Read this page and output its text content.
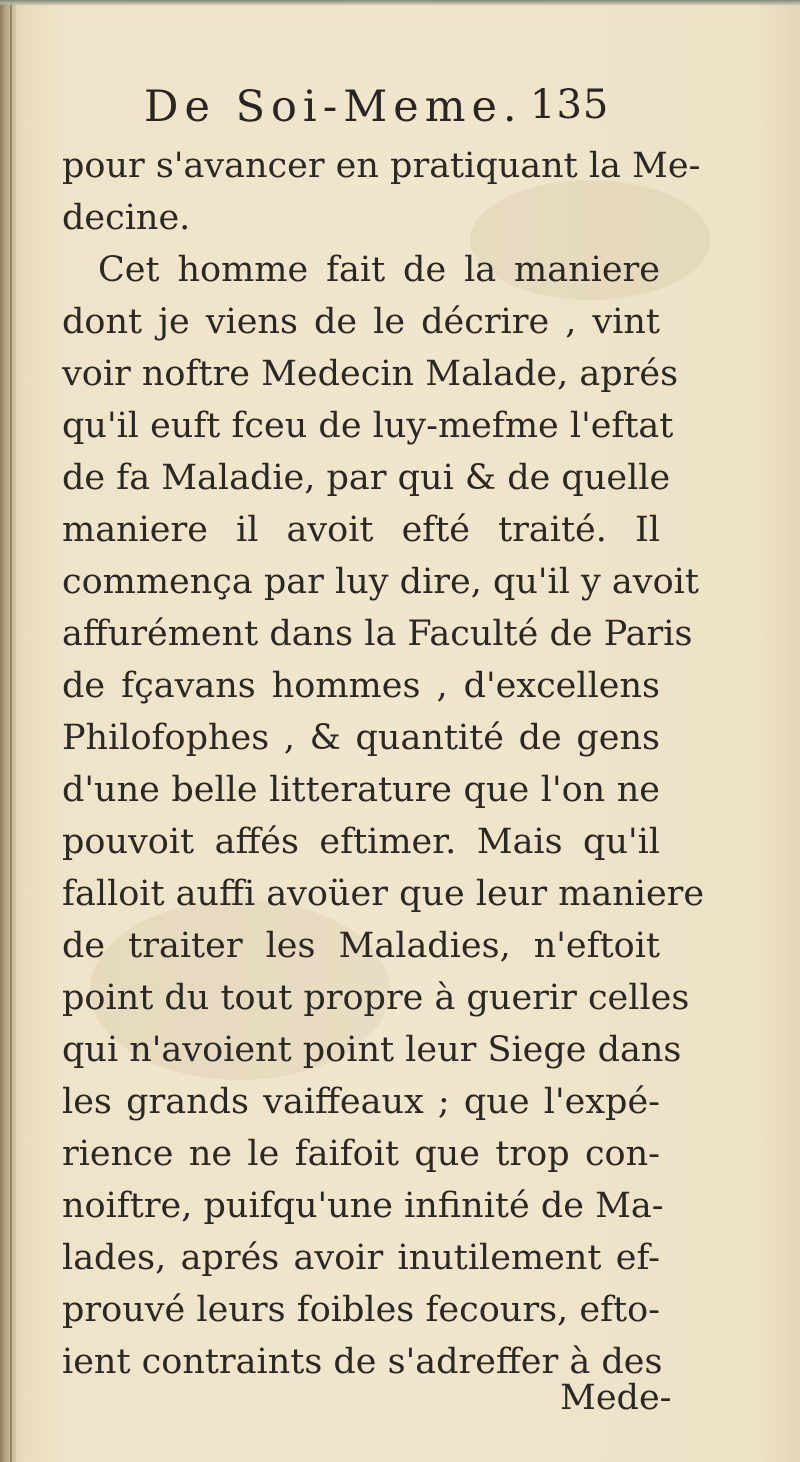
De Soi-Meme. 135
pour s'avancer en pratiquant la Me-
decine.
Cet homme fait de la maniere
dont je viens de le décrire , vint
voir noftre Medecin Malade, aprés
qu'il euft fceu de luy-mefme l'eftat
de fa Maladie, par qui & de quelle
maniere il avoit efté traité. Il
commença par luy dire, qu'il y avoit
affurément dans la Faculté de Paris
de fçavans hommes , d'excellens
Philofophes , & quantité de gens
d'une belle litterature que l'on ne
pouvoit affés eftimer. Mais qu'il
falloit auffi avoüer que leur maniere
de traiter les Maladies, n'eftoit
point du tout propre à guerir celles
qui n'avoient point leur Siege dans
les grands vaiffeaux ; que l'expé-
rience ne le faifoit que trop con-
noiftre, puifqu'une infinité de Ma-
lades, aprés avoir inutilement ef-
prouvé leurs foibles fecours, efto-
ient contraints de s'adreffer à des
Mede-
